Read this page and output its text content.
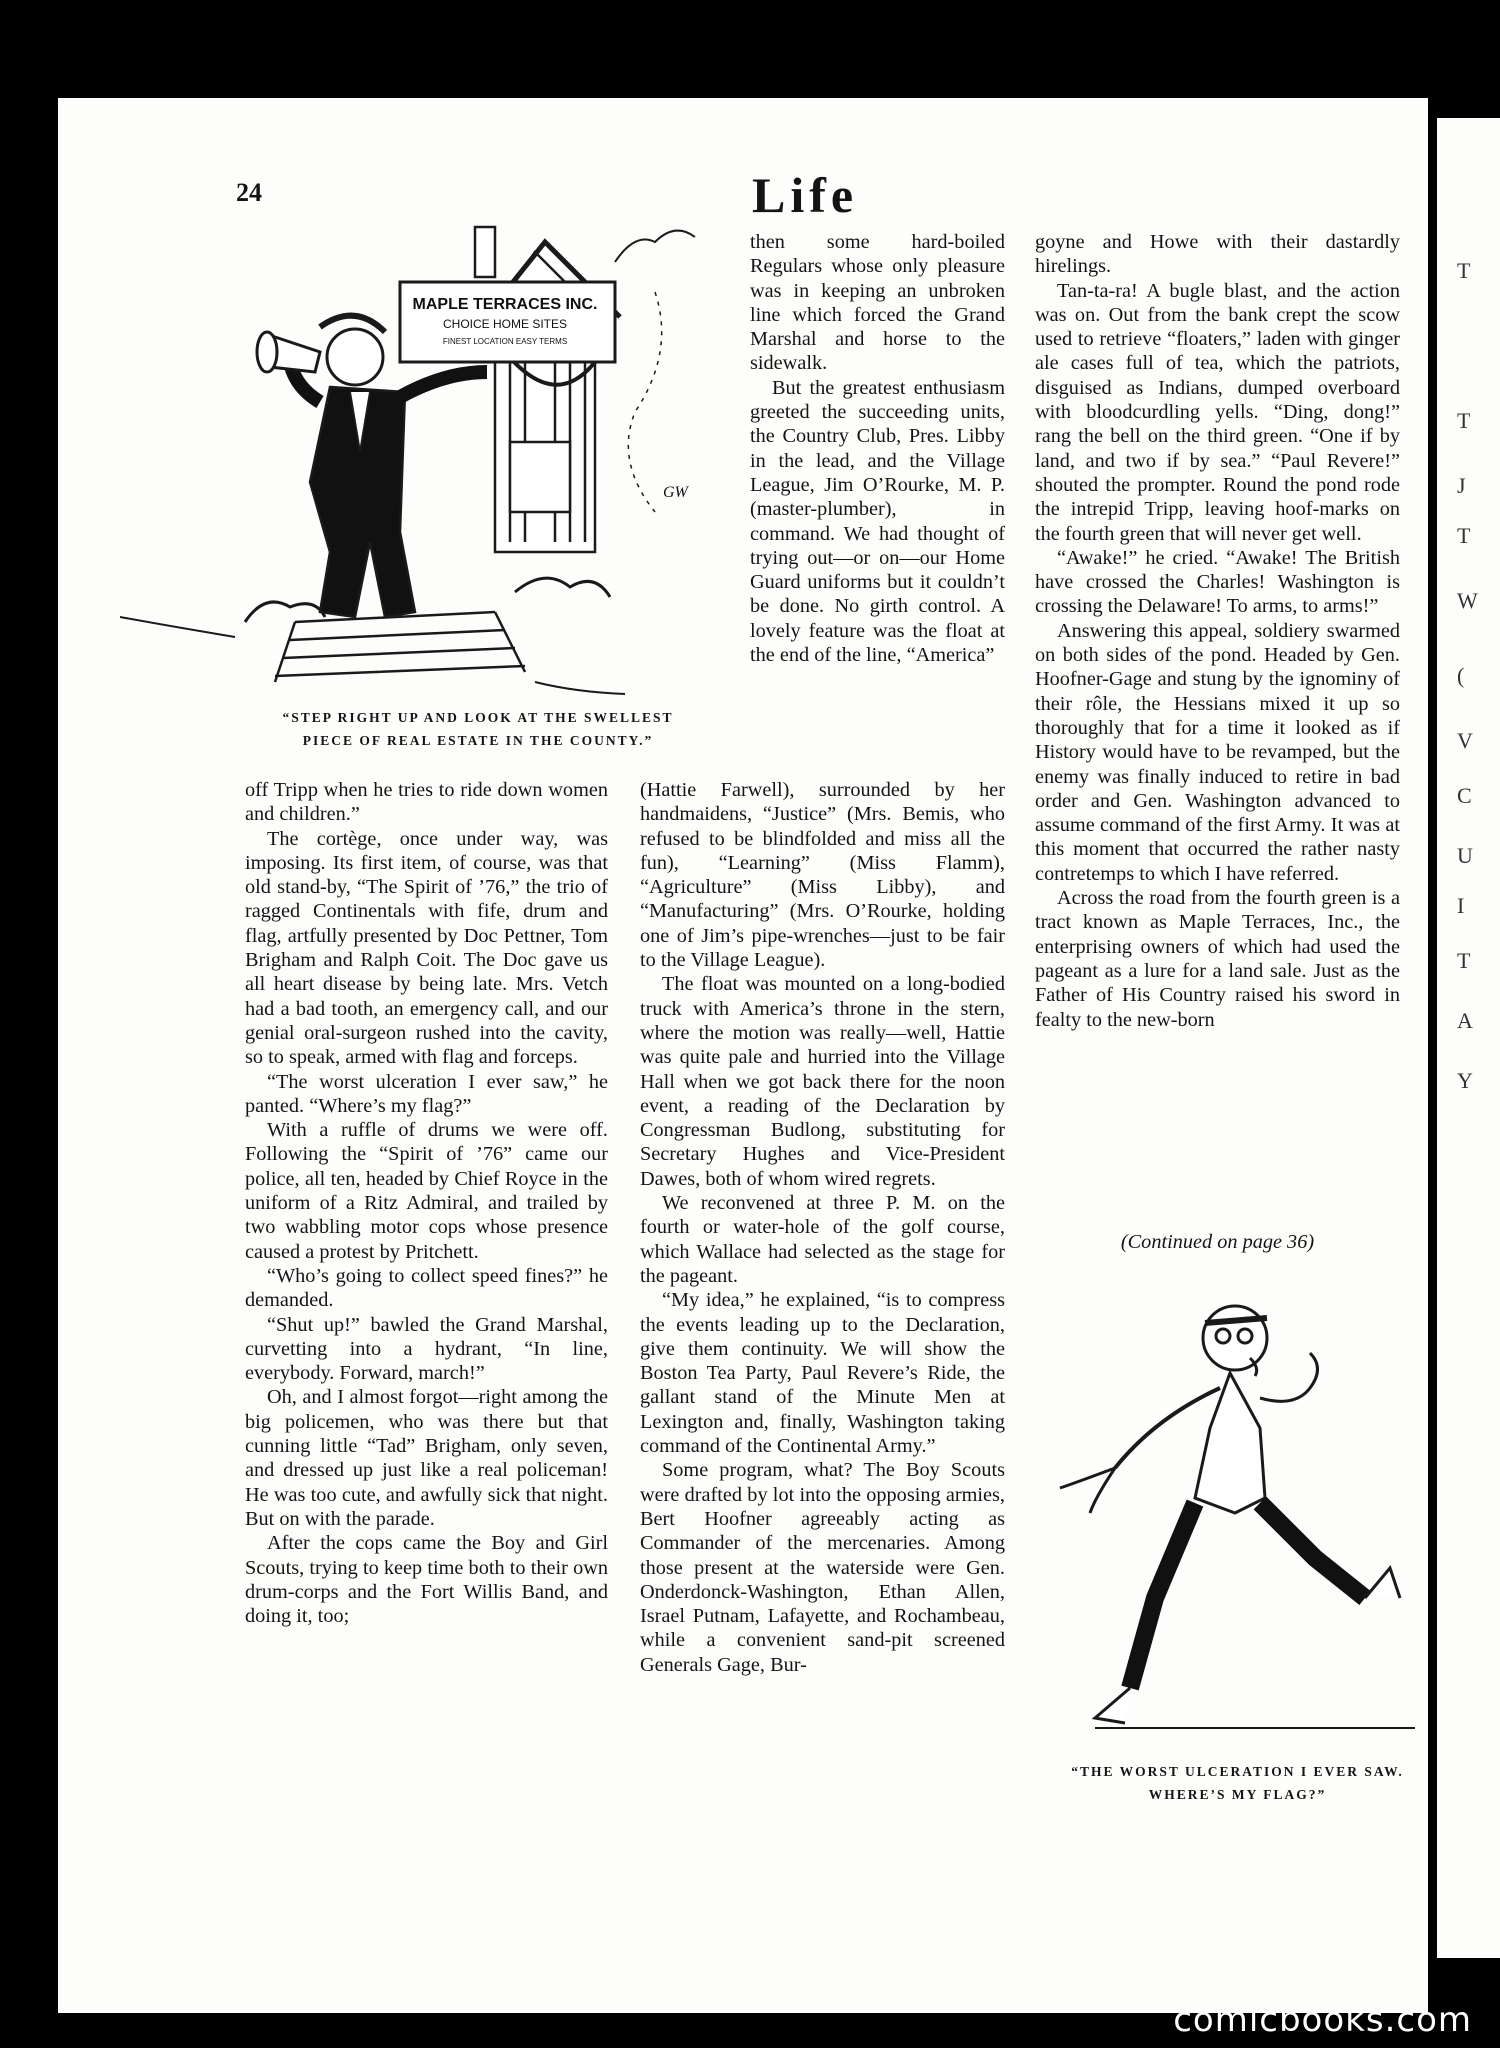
T
T
J
T
W
(
V
C
U
I
T
A
Y
24	Life
MAPLE TERRACES INC.
CHOICE HOME SITES
FINEST LOCATION EASY TERMS
GW
“STEP RIGHT UP AND LOOK AT THE SWELLEST
PIECE OF REAL ESTATE IN THE COUNTY.”

off Tripp when he tries to ride down women and children.”

The cortège, once under way, was imposing. Its first item, of course, was that old stand-by, “The Spirit of ’76,” the trio of ragged Continentals with fife, drum and flag, artfully presented by Doc Pettner, Tom Brigham and Ralph Coit. The Doc gave us all heart disease by being late. Mrs. Vetch had a bad tooth, an emergency call, and our genial oral-surgeon rushed into the cavity, so to speak, armed with flag and forceps.

“The worst ulceration I ever saw,” he panted. “Where’s my flag?”

With a ruffle of drums we were off. Following the “Spirit of ’76” came our police, all ten, headed by Chief Royce in the uniform of a Ritz Admiral, and trailed by two wabbling motor cops whose presence caused a protest by Pritchett.

“Who’s going to collect speed fines?” he demanded.

“Shut up!” bawled the Grand Marshal, curvetting into a hydrant, “In line, everybody. Forward, march!”

Oh, and I almost forgot—right among the big policemen, who was there but that cunning little “Tad” Brigham, only seven, and dressed up just like a real policeman! He was too cute, and awfully sick that night. But on with the parade.

After the cops came the Boy and Girl Scouts, trying to keep time both to their own drum-corps and the Fort Willis Band, and doing it, too;

then some hard-boiled Regulars whose only pleasure was in keeping an unbroken line which forced the Grand Marshal and horse to the sidewalk.

But the greatest enthusiasm greeted the succeeding units, the Country Club, Pres. Libby in the lead, and the Village League, Jim O’Rourke, M. P. (master-plumber), in command. We had thought of trying out—or on—our Home Guard uniforms but it couldn’t be done. No girth control. A lovely feature was the float at the end of the line, “America”

(Hattie Farwell), surrounded by her handmaidens, “Justice” (Mrs. Bemis, who refused to be blindfolded and miss all the fun), “Learning” (Miss Flamm), “Agriculture” (Miss Libby), and “Manufacturing” (Mrs. O’Rourke, holding one of Jim’s pipe-wrenches—just to be fair to the Village League).

The float was mounted on a long-bodied truck with America’s throne in the stern, where the motion was really—well, Hattie was quite pale and hurried into the Village Hall when we got back there for the noon event, a reading of the Declaration by Congressman Budlong, substituting for Secretary Hughes and Vice-President Dawes, both of whom wired regrets.

We reconvened at three P. M. on the fourth or water-hole of the golf course, which Wallace had selected as the stage for the pageant.

“My idea,” he explained, “is to compress the events leading up to the Declaration, give them continuity. We will show the Boston Tea Party, Paul Revere’s Ride, the gallant stand of the Minute Men at Lexington and, finally, Washington taking command of the Continental Army.”

Some program, what? The Boy Scouts were drafted by lot into the opposing armies, Bert Hoofner agreeably acting as Commander of the mercenaries. Among those present at the waterside were Gen. Onderdonck-Washington, Ethan Allen, Israel Putnam, Lafayette, and Rochambeau, while a convenient sand-pit screened Generals Gage, Bur-

goyne and Howe with their dastardly hirelings.

Tan-ta-ra! A bugle blast, and the action was on. Out from the bank crept the scow used to retrieve “floaters,” laden with ginger ale cases full of tea, which the patriots, disguised as Indians, dumped overboard with bloodcurdling yells. “Ding, dong!” rang the bell on the third green. “One if by land, and two if by sea.” “Paul Revere!” shouted the prompter. Round the pond rode the intrepid Tripp, leaving hoof-marks on the fourth green that will never get well.

“Awake!” he cried. “Awake! The British have crossed the Charles! Washington is crossing the Delaware! To arms, to arms!”

Answering this appeal, soldiery swarmed on both sides of the pond. Headed by Gen. Hoofner-Gage and stung by the ignominy of their rôle, the Hessians mixed it up so thoroughly that for a time it looked as if History would have to be revamped, but the enemy was finally induced to retire in bad order and Gen. Washington advanced to assume command of the first Army. It was at this moment that occurred the rather nasty contretemps to which I have referred.

Across the road from the fourth green is a tract known as Maple Terraces, Inc., the enterprising owners of which had used the pageant as a lure for a land sale. Just as the Father of His Country raised his sword in fealty to the new-born

(Continued on page 36)
“THE WORST ULCERATION I EVER SAW.
WHERE’S MY FLAG?”
comicbooks.com
